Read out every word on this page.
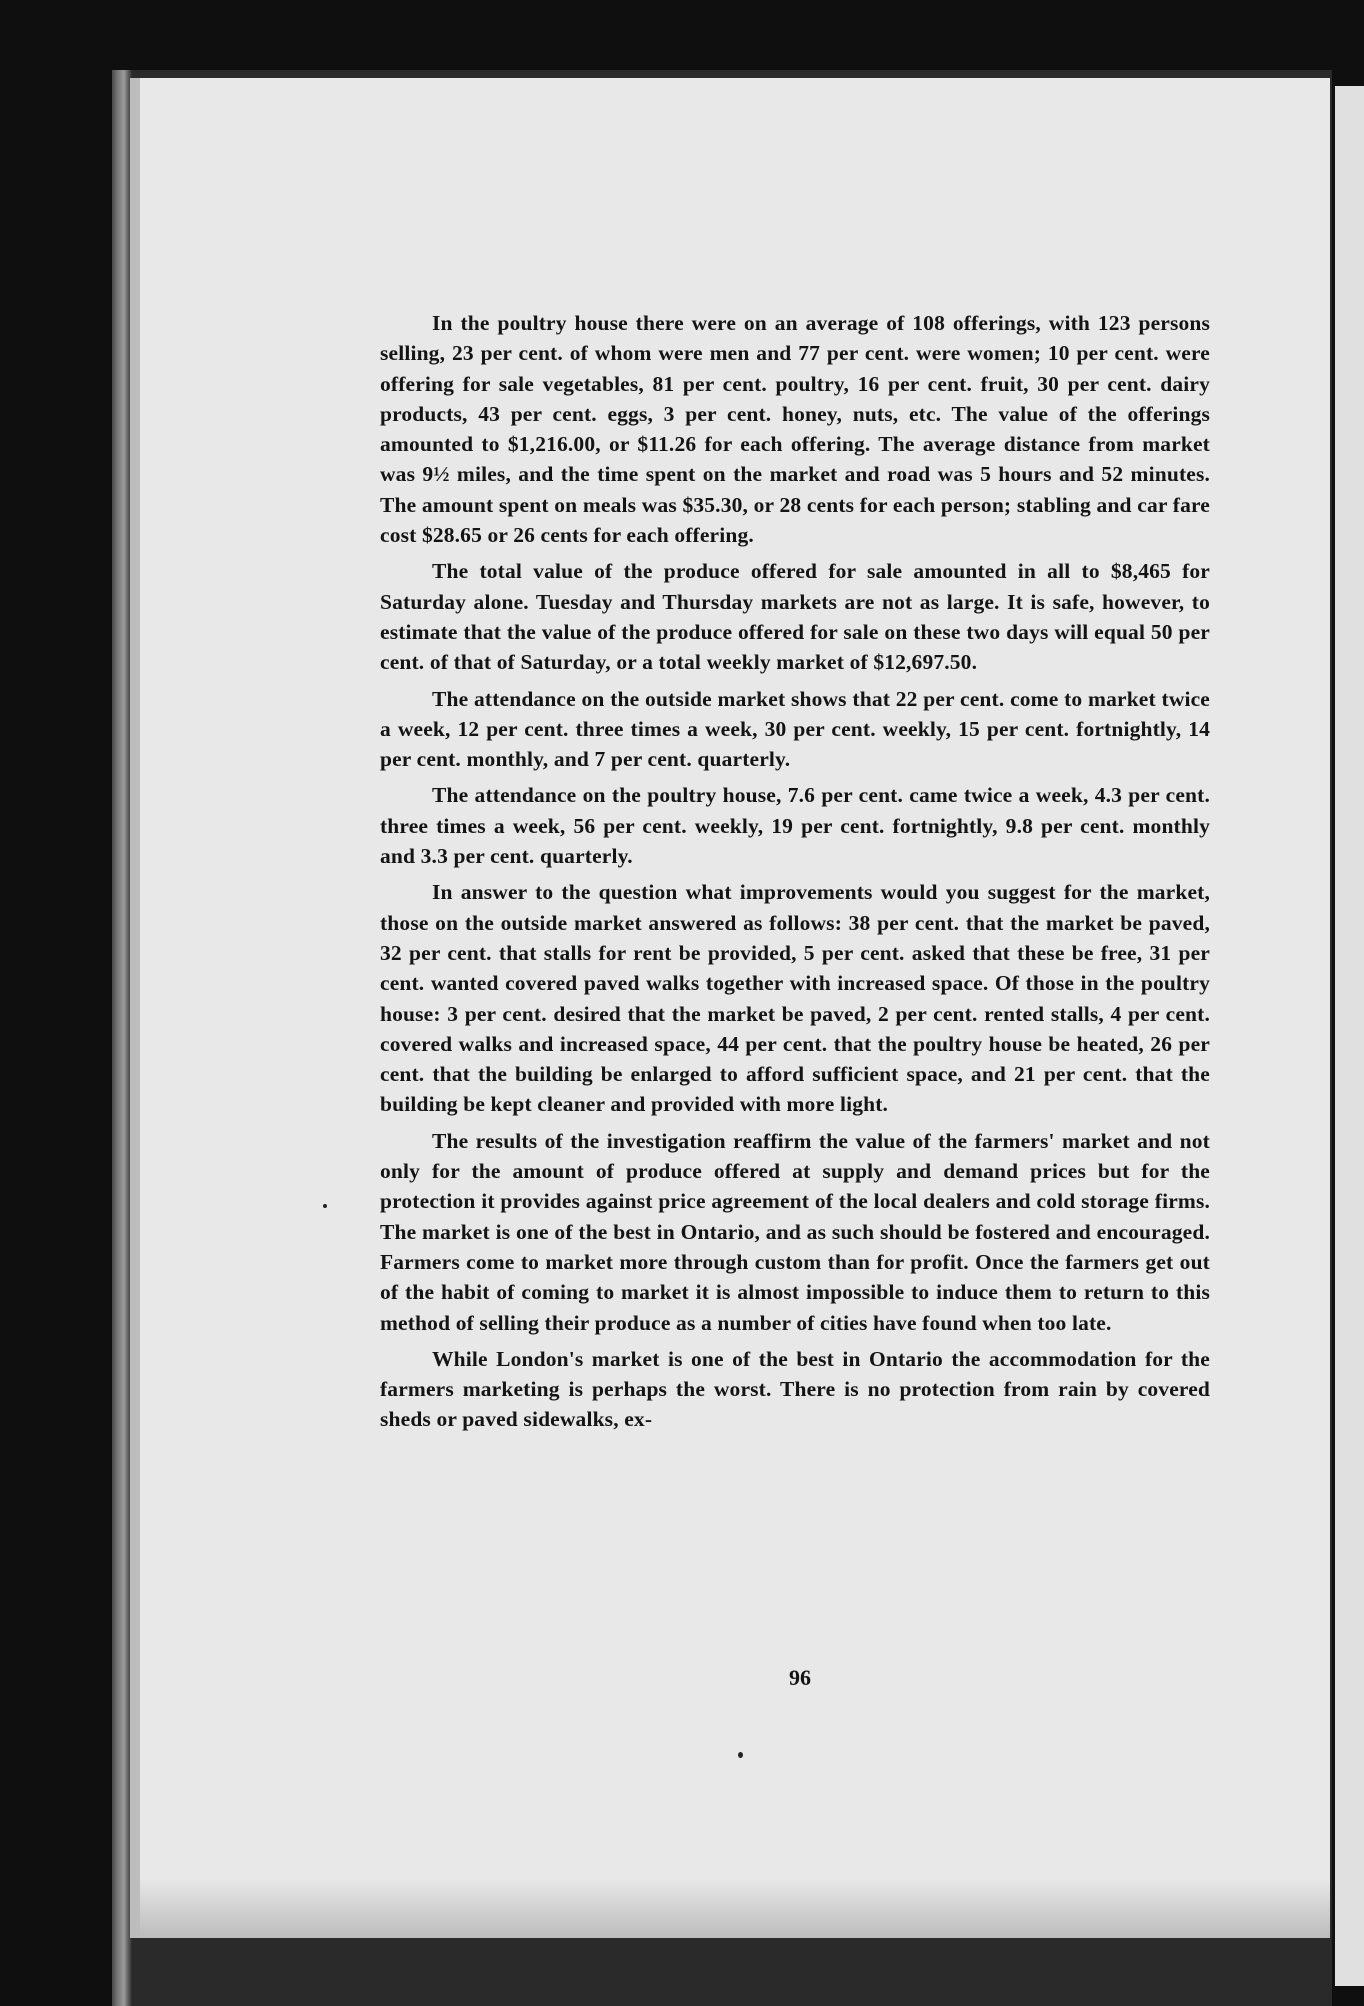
In the poultry house there were on an average of 108 offerings, with 123 persons selling, 23 per cent. of whom were men and 77 per cent. were women; 10 per cent. were offering for sale vegetables, 81 per cent. poultry, 16 per cent. fruit, 30 per cent. dairy products, 43 per cent. eggs, 3 per cent. honey, nuts, etc. The value of the offerings amounted to $1,216.00, or $11.26 for each offering. The average distance from market was 9½ miles, and the time spent on the market and road was 5 hours and 52 minutes. The amount spent on meals was $35.30, or 28 cents for each person; stabling and car fare cost $28.65 or 26 cents for each offering.

The total value of the produce offered for sale amounted in all to $8,465 for Saturday alone. Tuesday and Thursday markets are not as large. It is safe, however, to estimate that the value of the produce offered for sale on these two days will equal 50 per cent. of that of Saturday, or a total weekly market of $12,697.50.

The attendance on the outside market shows that 22 per cent. come to market twice a week, 12 per cent. three times a week, 30 per cent. weekly, 15 per cent. fortnightly, 14 per cent. monthly, and 7 per cent. quarterly.

The attendance on the poultry house, 7.6 per cent. came twice a week, 4.3 per cent. three times a week, 56 per cent. weekly, 19 per cent. fortnightly, 9.8 per cent. monthly and 3.3 per cent. quarterly.

In answer to the question what improvements would you suggest for the market, those on the outside market answered as follows: 38 per cent. that the market be paved, 32 per cent. that stalls for rent be provided, 5 per cent. asked that these be free, 31 per cent. wanted covered paved walks together with increased space. Of those in the poultry house: 3 per cent. desired that the market be paved, 2 per cent. rented stalls, 4 per cent. covered walks and increased space, 44 per cent. that the poultry house be heated, 26 per cent. that the building be enlarged to afford sufficient space, and 21 per cent. that the building be kept cleaner and provided with more light.

The results of the investigation reaffirm the value of the farmers' market and not only for the amount of produce offered at supply and demand prices but for the protection it provides against price agreement of the local dealers and cold storage firms. The market is one of the best in Ontario, and as such should be fostered and encouraged. Farmers come to market more through custom than for profit. Once the farmers get out of the habit of coming to market it is almost impossible to induce them to return to this method of selling their produce as a number of cities have found when too late.

While London's market is one of the best in Ontario the accommodation for the farmers marketing is perhaps the worst. There is no protection from rain by covered sheds or paved sidewalks, ex-

96
